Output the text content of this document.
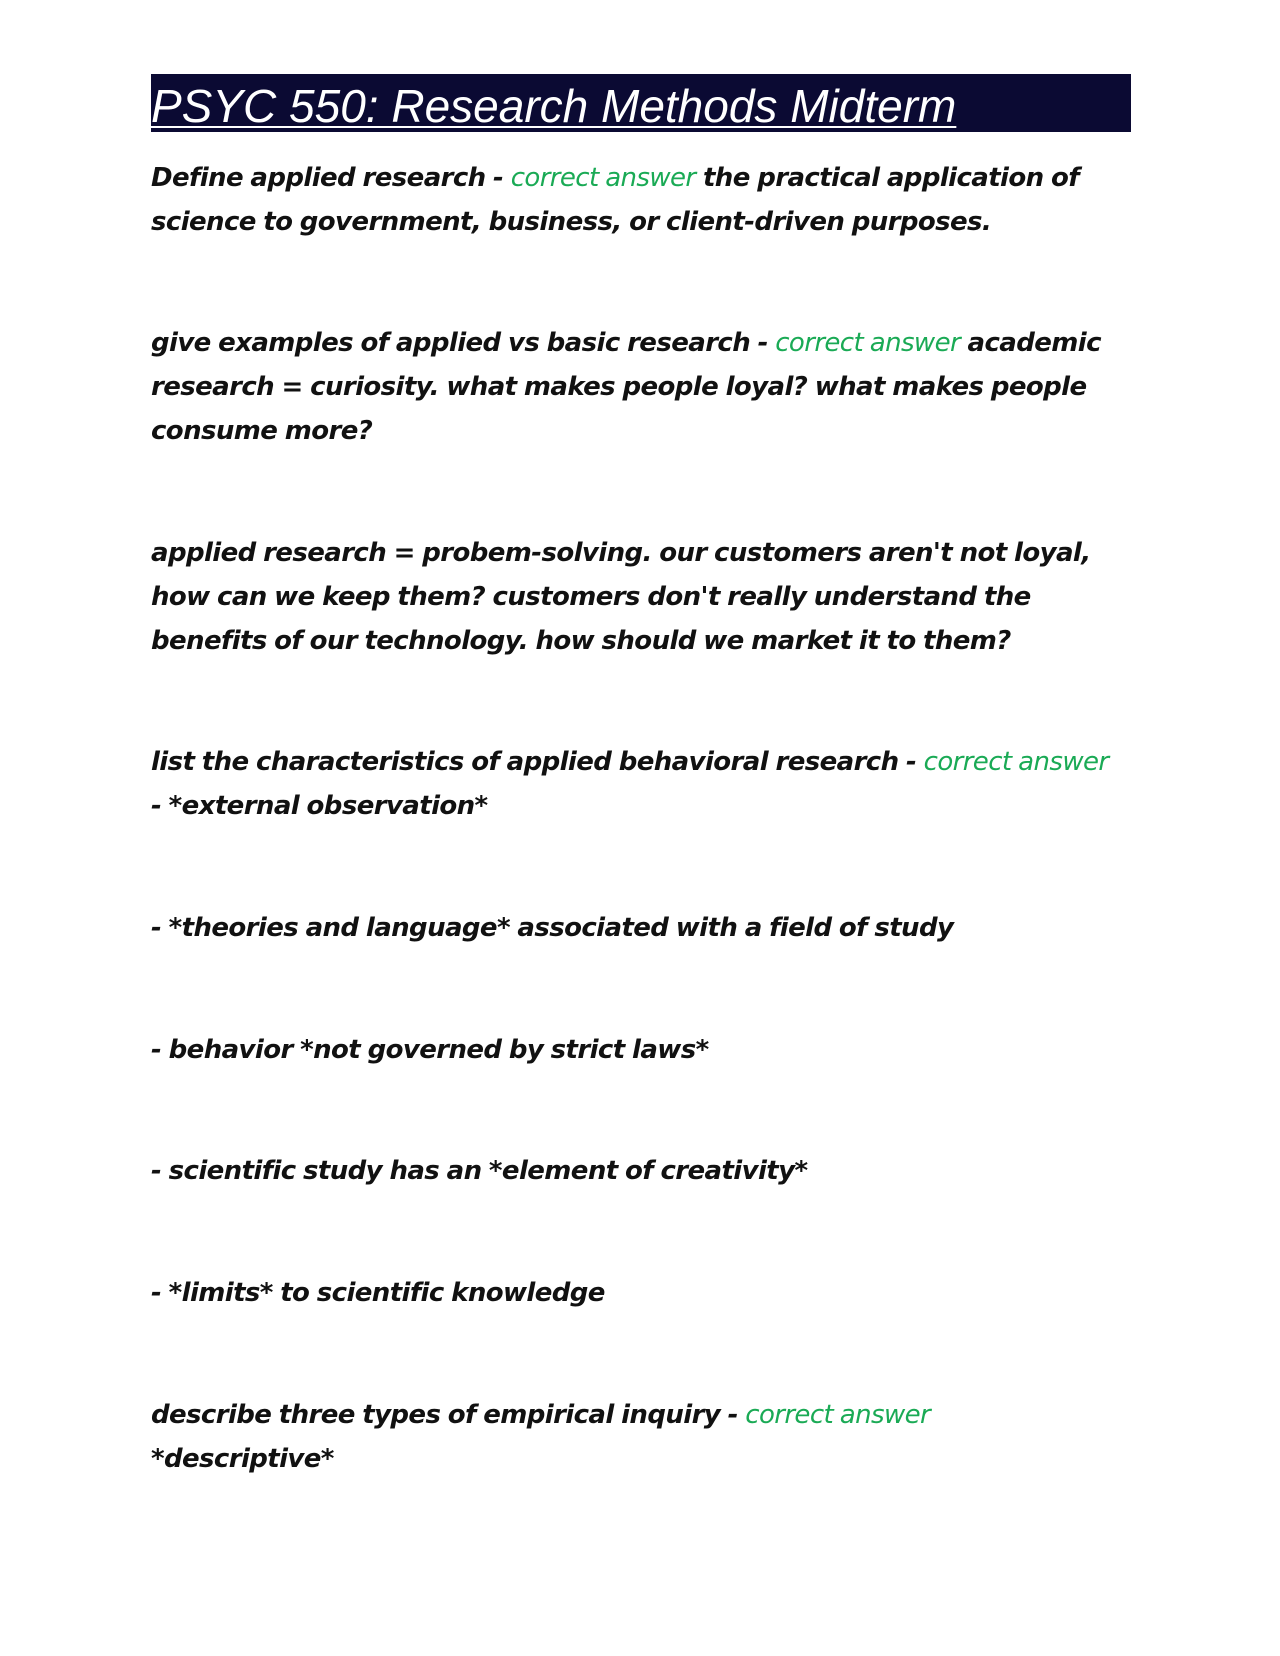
PSYC 550: Research Methods Midterm

Define applied research - correct answer the practical application of
science to government, business, or client-driven purposes.

give examples of applied vs basic research - correct answer academic
research = curiosity. what makes people loyal? what makes people
consume more?

applied research = probem-solving. our customers aren't not loyal,
how can we keep them? customers don't really understand the
benefits of our technology. how should we market it to them?

list the characteristics of applied behavioral research - correct answer
- *external observation*

- *theories and language* associated with a field of study

- behavior *not governed by strict laws*

- scientific study has an *element of creativity*

- *limits* to scientific knowledge

describe three types of empirical inquiry - correct answer
*descriptive*
